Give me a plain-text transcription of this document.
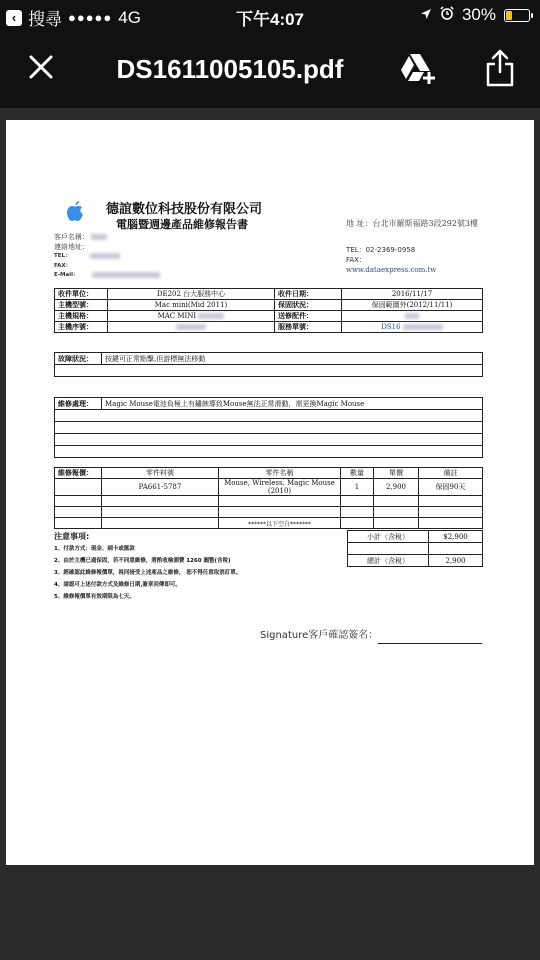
‹ 搜尋 ●●●●● 4G	下午4:07	30%
DS1611005105.pdf
德誼數位科技股份有限公司
電腦暨週邊產品維修報告書	地 址：台北市羅斯福路3段292號3樓
客戶名稱：
連絡地址：
TEL：
FAX：
E-Mail：
TEL：02-2369-0958
FAX：
www.dataexpress.com.tw
收件單位：	DE202 台大服務中心	收件日期：	2016/11/17
主機型號：	Mac mini(Mid 2011)	保固狀況：	保固範圍外(2012/11/11)
主機規格：	MAC MINI	送修配件：	
主機序號：		服務單號：	DS16
故障狀況：	按鍵可正常點擊,但游標無法移動

維修處理：	Magic Mouse電池負極上有鏽蝕導致Mouse無法正常滑動，需更換Magic Mouse

維修報價：	零件料號	零件名稱	數量	單價	備註
	PA661-5787	Mouse, Wireless, Magic Mouse (2010)	1	2,900	保固90天

		******以下空白*******			
小計（含稅）	$2,900

總計（含稅）	2,900
注意事項:
1、付款方式：現金、刷卡或匯款
2、由於主機已過保固，若不同意維修，將酌收檢測費 1260 圓整(含稅)
3、經確認此維修報價單，視同接受上述產品之維修， 恕不得任意取消訂單。
4、請認可上述付款方式及維修日期,簽章回傳即可。
5、維修報價單有效期限為七天。
Signature客戶確認簽名：
